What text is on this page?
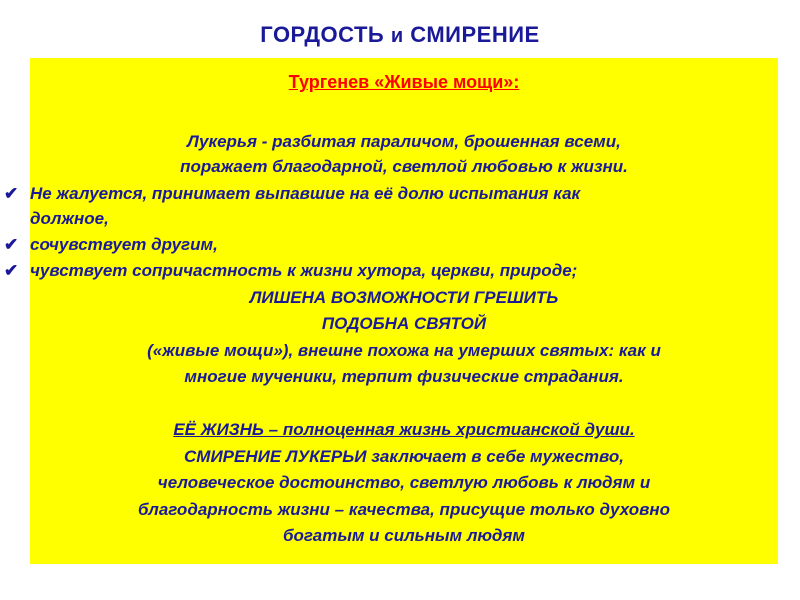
ГОРДОСТЬ и СМИРЕНИЕ
Тургенев «Живые мощи»:
Лукерья - разбитая параличом, брошенная всеми,
поражает благодарной, светлой любовью к жизни.
✔ Не жалуется, принимает выпавшие на её долю испытания как
должное,
✔ сочувствует другим,
✔ чувствует сопричастность к жизни хутора, церкви, природе;
ЛИШЕНА ВОЗМОЖНОСТИ ГРЕШИТЬ
ПОДОБНА СВЯТОЙ
(«живые мощи»), внешне похожа на умерших святых: как и
многие мученики, терпит физические страдания.
ЕЁ ЖИЗНЬ – полноценная жизнь христианской души.
СМИРЕНИЕ ЛУКЕРЬИ заключает в себе мужество,
человеческое достоинство, светлую любовь к людям и
благодарность жизни – качества, присущие только духовно
богатым и сильным людям
